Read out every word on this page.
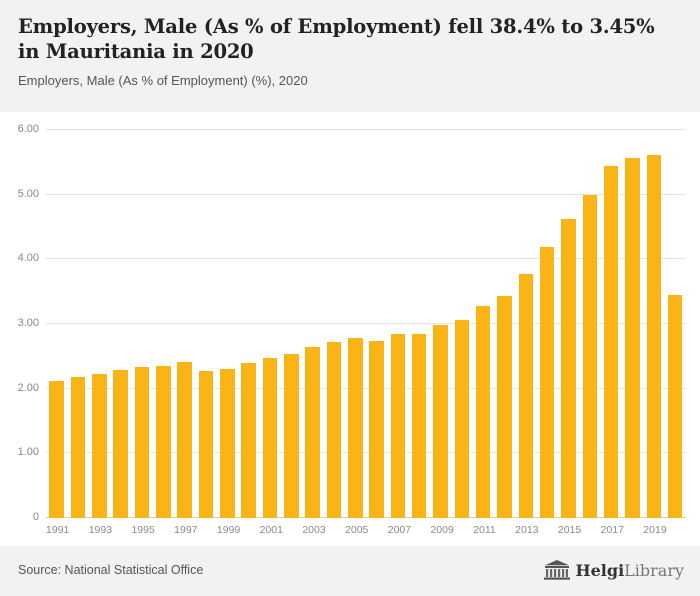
Employers, Male (As % of Employment) fell 38.4% to 3.45% in Mauritania in 2020
Employers, Male (As % of Employment) (%), 2020
0
1.00
2.00
3.00
4.00
5.00
6.00
1991 1993 1995 1997 1999 2001 2003 2005 2007 2009 2011 2013 2015 2017 2019
Source: National Statistical Office	HelgiLibrary
